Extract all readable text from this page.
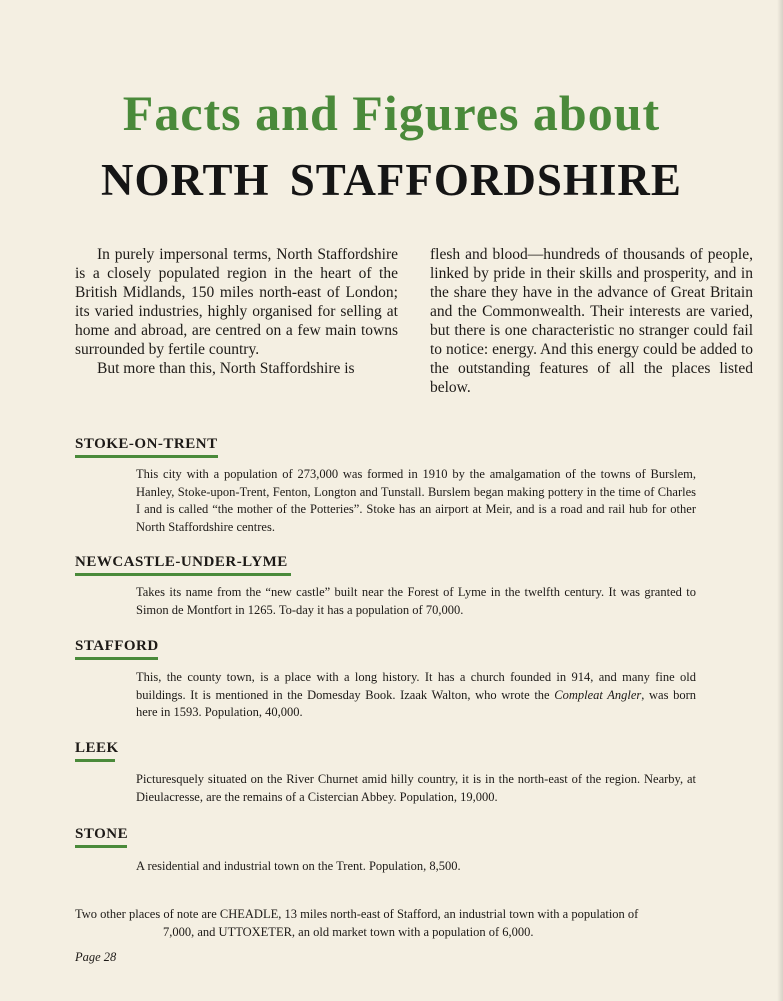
Facts and Figures about
NORTH STAFFORDSHIRE

In purely impersonal terms, North Staffordshire is a closely populated region in the heart of the British Midlands, 150 miles north-east of London; its varied industries, highly organised for selling at home and abroad, are centred on a few main towns surrounded by fertile country.

But more than this, North Staffordshire is

flesh and blood—hundreds of thousands of people, linked by pride in their skills and prosperity, and in the share they have in the advance of Great Britain and the Commonwealth. Their interests are varied, but there is one characteristic no stranger could fail to notice: energy. And this energy could be added to the outstanding features of all the places listed below.

STOKE-ON-TRENT

This city with a population of 273,000 was formed in 1910 by the amalgamation of the towns of Burslem, Hanley, Stoke-upon-Trent, Fenton, Longton and Tunstall. Burslem began making pottery in the time of Charles I and is called “the mother of the Potteries”. Stoke has an airport at Meir, and is a road and rail hub for other North Staffordshire centres.

NEWCASTLE-UNDER-LYME

Takes its name from the “new castle” built near the Forest of Lyme in the twelfth century. It was granted to Simon de Montfort in 1265. To-day it has a population of 70,000.

STAFFORD

This, the county town, is a place with a long history. It has a church founded in 914, and many fine old buildings. It is mentioned in the Domesday Book. Izaak Walton, who wrote the Compleat Angler, was born here in 1593. Population, 40,000.

LEEK

Picturesquely situated on the River Churnet amid hilly country, it is in the north-east of the region. Nearby, at Dieulacresse, are the remains of a Cistercian Abbey. Population, 19,000.

STONE

A residential and industrial town on the Trent. Population, 8,500.

Two other places of note are CHEADLE, 13 miles north-east of Stafford, an industrial town with a population of
7,000, and UTTOXETER, an old market town with a population of 6,000.

Page 28
